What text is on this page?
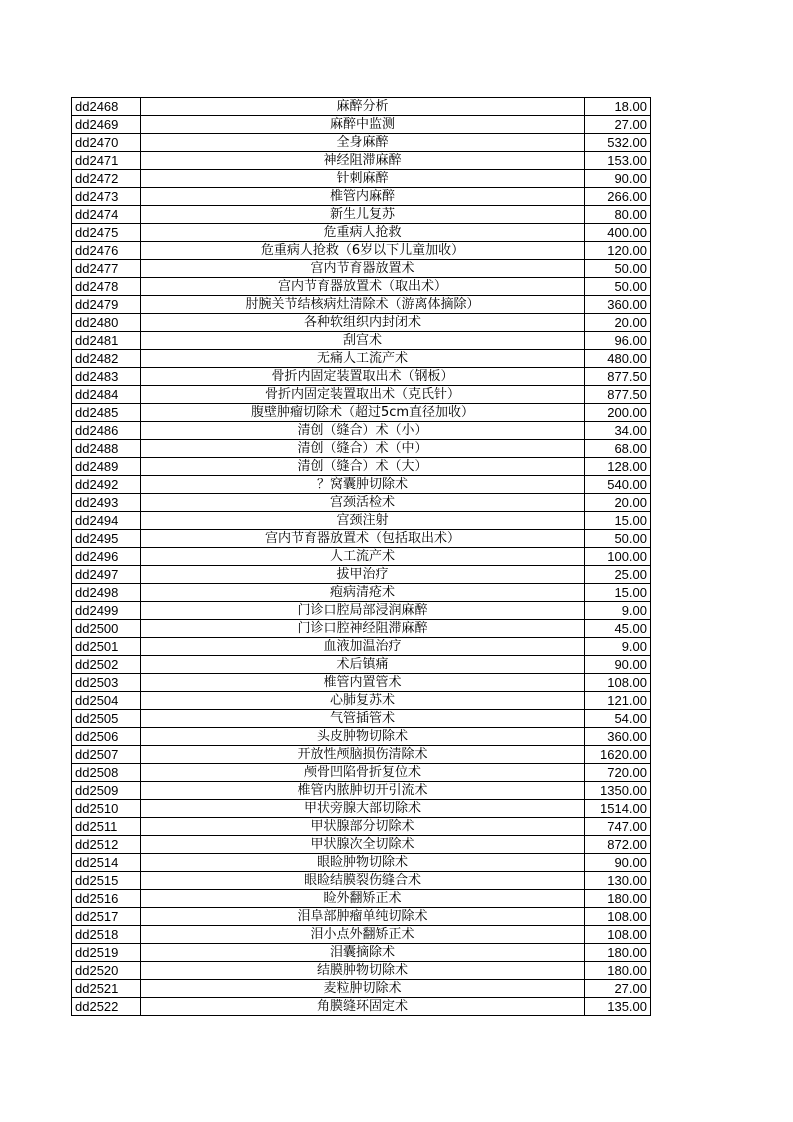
dd2468	麻醉分析	18.00
dd2469	麻醉中监测	27.00
dd2470	全身麻醉	532.00
dd2471	神经阻滞麻醉	153.00
dd2472	针刺麻醉	90.00
dd2473	椎管内麻醉	266.00
dd2474	新生儿复苏	80.00
dd2475	危重病人抢救	400.00
dd2476	危重病人抢救（6岁以下儿童加收）	120.00
dd2477	宫内节育器放置术	50.00
dd2478	宫内节育器放置术（取出术）	50.00
dd2479	肘腕关节结核病灶清除术（游离体摘除）	360.00
dd2480	各种软组织内封闭术	20.00
dd2481	刮宫术	96.00
dd2482	无痛人工流产术	480.00
dd2483	骨折内固定装置取出术（钢板）	877.50
dd2484	骨折内固定装置取出术（克氏针）	877.50
dd2485	腹壁肿瘤切除术（超过5cm直径加收）	200.00
dd2486	清创（缝合）术（小）	34.00
dd2488	清创（缝合）术（中）	68.00
dd2489	清创（缝合）术（大）	128.00
dd2492	？窝囊肿切除术	540.00
dd2493	宫颈活检术	20.00
dd2494	宫颈注射	15.00
dd2495	宫内节育器放置术（包括取出术）	50.00
dd2496	人工流产术	100.00
dd2497	拔甲治疗	25.00
dd2498	疱病清疮术	15.00
dd2499	门诊口腔局部浸润麻醉	9.00
dd2500	门诊口腔神经阻滞麻醉	45.00
dd2501	血液加温治疗	9.00
dd2502	术后镇痛	90.00
dd2503	椎管内置管术	108.00
dd2504	心肺复苏术	121.00
dd2505	气管插管术	54.00
dd2506	头皮肿物切除术	360.00
dd2507	开放性颅脑损伤清除术	1620.00
dd2508	颅骨凹陷骨折复位术	720.00
dd2509	椎管内脓肿切开引流术	1350.00
dd2510	甲状旁腺大部切除术	1514.00
dd2511	甲状腺部分切除术	747.00
dd2512	甲状腺次全切除术	872.00
dd2514	眼睑肿物切除术	90.00
dd2515	眼睑结膜裂伤缝合术	130.00
dd2516	睑外翻矫正术	180.00
dd2517	泪阜部肿瘤单纯切除术	108.00
dd2518	泪小点外翻矫正术	108.00
dd2519	泪囊摘除术	180.00
dd2520	结膜肿物切除术	180.00
dd2521	麦粒肿切除术	27.00
dd2522	角膜缝环固定术	135.00
